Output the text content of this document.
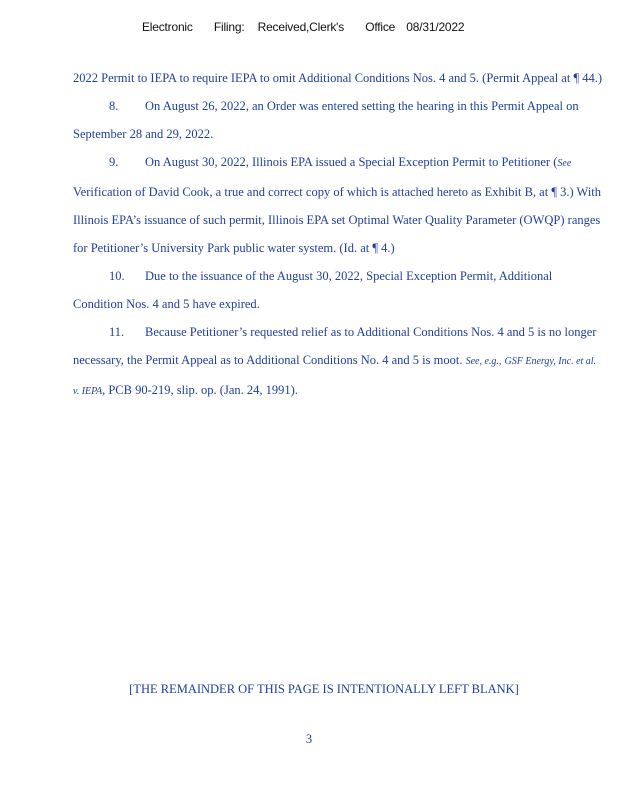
Electronic Filing: Received,Clerk's Office 08/31/2022

2022 Permit to IEPA to require IEPA to omit Additional Conditions Nos. 4 and 5. (Permit Appeal at ¶ 44.)

8. On August 26, 2022, an Order was entered setting the hearing in this Permit Appeal on September 28 and 29, 2022.

9. On August 30, 2022, Illinois EPA issued a Special Exception Permit to Petitioner (See Verification of David Cook, a true and correct copy of which is attached hereto as Exhibit B, at ¶ 3.) With Illinois EPA’s issuance of such permit, Illinois EPA set Optimal Water Quality Parameter (OWQP) ranges for Petitioner’s University Park public water system. (Id. at ¶ 4.)

10. Due to the issuance of the August 30, 2022, Special Exception Permit, Additional Condition Nos. 4 and 5 have expired.

11. Because Petitioner’s requested relief as to Additional Conditions Nos. 4 and 5 is no longer necessary, the Permit Appeal as to Additional Conditions No. 4 and 5 is moot. See, e.g., GSF Energy, Inc. et al. v. IEPA, PCB 90-219, slip. op. (Jan. 24, 1991).

[THE REMAINDER OF THIS PAGE IS INTENTIONALLY LEFT BLANK]
3
